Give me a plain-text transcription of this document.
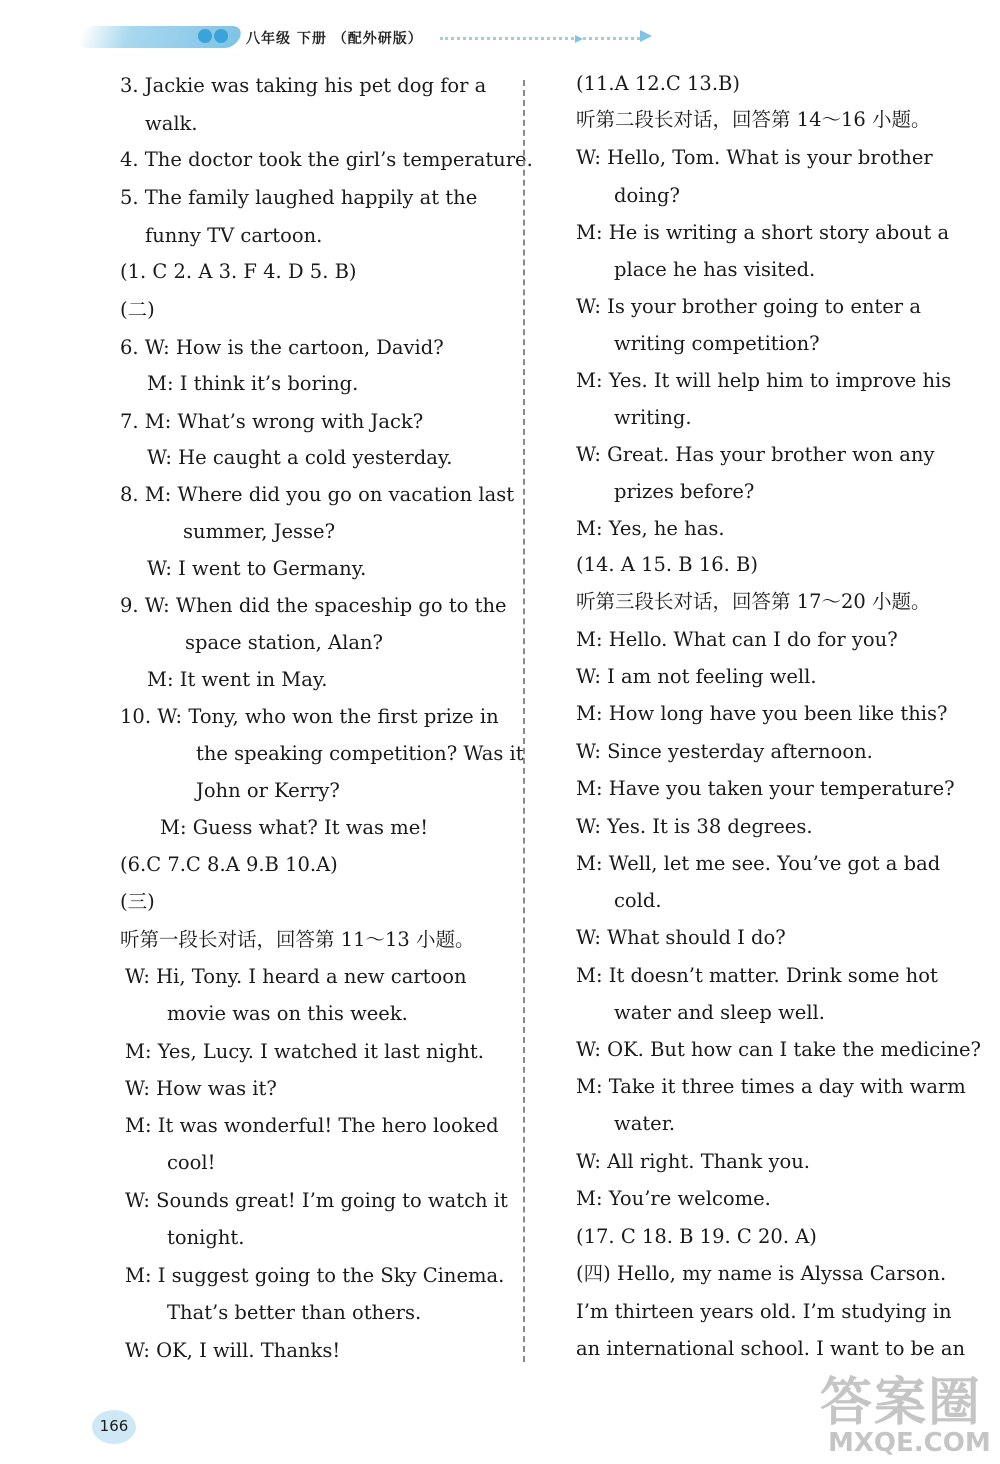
八年级 下册 （配外研版）
3. Jackie was taking his pet dog for a
walk.
4. The doctor took the girl’s temperature.
5. The family laughed happily at the
funny TV cartoon.
(1. C 2. A 3. F 4. D 5. B)
(二)
6. W: How is the cartoon, David?
M: I think it’s boring.
7. M: What’s wrong with Jack?
W: He caught a cold yesterday.
8. M: Where did you go on vacation last
summer, Jesse?
W: I went to Germany.
9. W: When did the spaceship go to the
space station, Alan?
M: It went in May.
10. W: Tony, who won the first prize in
the speaking competition? Was it
John or Kerry?
M: Guess what? It was me!
(6.C 7.C 8.A 9.B 10.A)
(三)
听第一段长对话，回答第 11～13 小题。
W: Hi, Tony. I heard a new cartoon
movie was on this week.
M: Yes, Lucy. I watched it last night.
W: How was it?
M: It was wonderful! The hero looked
cool!
W: Sounds great! I’m going to watch it
tonight.
M: I suggest going to the Sky Cinema.
That’s better than others.
W: OK, I will. Thanks!
(11.A 12.C 13.B)
听第二段长对话，回答第 14～16 小题。
W: Hello, Tom. What is your brother
doing?
M: He is writing a short story about a
place he has visited.
W: Is your brother going to enter a
writing competition?
M: Yes. It will help him to improve his
writing.
W: Great. Has your brother won any
prizes before?
M: Yes, he has.
(14. A 15. B 16. B)
听第三段长对话，回答第 17～20 小题。
M: Hello. What can I do for you?
W: I am not feeling well.
M: How long have you been like this?
W: Since yesterday afternoon.
M: Have you taken your temperature?
W: Yes. It is 38 degrees.
M: Well, let me see. You’ve got a bad
cold.
W: What should I do?
M: It doesn’t matter. Drink some hot
water and sleep well.
W: OK. But how can I take the medicine?
M: Take it three times a day with warm
water.
W: All right. Thank you.
M: You’re welcome.
(17. C 18. B 19. C 20. A)
(四) Hello, my name is Alyssa Carson.
I’m thirteen years old. I’m studying in
an international school. I want to be an
166	答案圈
MXQE.COM
